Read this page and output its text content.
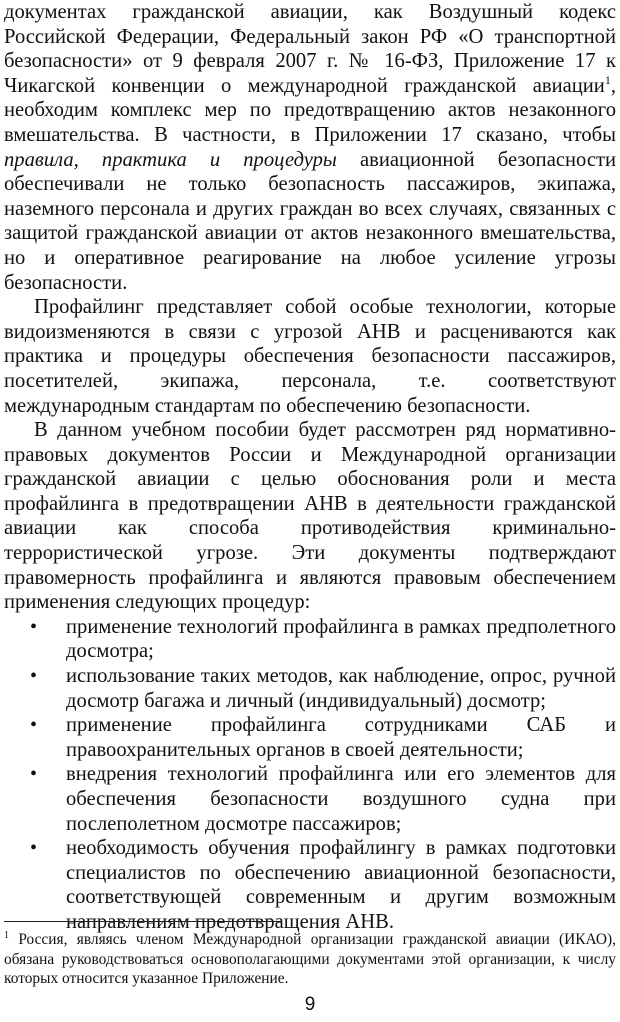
документах гражданской авиации, как Воздушный кодекс Российской Федерации, Федеральный закон РФ «О транспортной безопасности» от 9 февраля 2007 г. № 16-ФЗ, Приложение 17 к Чикагской конвенции о международной гражданской авиации$^1$, необходим комплекс мер по предотвращению актов незаконного вмешательства. В частности, в Приложении 17 сказано, чтобы правила, практика и процедуры авиационной безопасности обеспечивали не только безопасность пассажиров, экипажа, наземного персонала и других граждан во всех случаях, связанных с защитой гражданской авиации от актов незаконного вмешательства, но и оперативное реагирование на любое усиление угрозы безопасности.

Профайлинг представляет собой особые технологии, которые видоизменяются в связи с угрозой АНВ и расцениваются как практика и процедуры обеспечения безопасности пассажиров, посетителей, экипажа, персонала, т.е. соответствуют международным стандартам по обеспечению безопасности.

В данном учебном пособии будет рассмотрен ряд нормативно-правовых документов России и Международной организации гражданской авиации с целью обоснования роли и места профайлинга в предотвращении АНВ в деятельности гражданской авиации как способа противодействия криминально-террористической угрозе. Эти документы подтверждают правомерность профайлинга и являются правовым обеспечением применения следующих процедур:

• применение технологий профайлинга в рамках предполетного досмотра;
• использование таких методов, как наблюдение, опрос, ручной досмотр багажа и личный (индивидуальный) досмотр;
• применение профайлинга сотрудниками САБ и правоохранительных органов в своей деятельности;
• внедрения технологий профайлинга или его элементов для обеспечения безопасности воздушного судна при послеполетном досмотре пассажиров;
• необходимость обучения профайлингу в рамках подготовки специалистов по обеспечению авиационной безопасности, соответствующей современным и другим возможным направлениям предотвращения АНВ.

$^1$ Россия, являясь членом Международной организации гражданской авиации (ИКАО), обязана руководствоваться основополагающими документами этой организации, к числу которых относится указанное Приложение.

9
